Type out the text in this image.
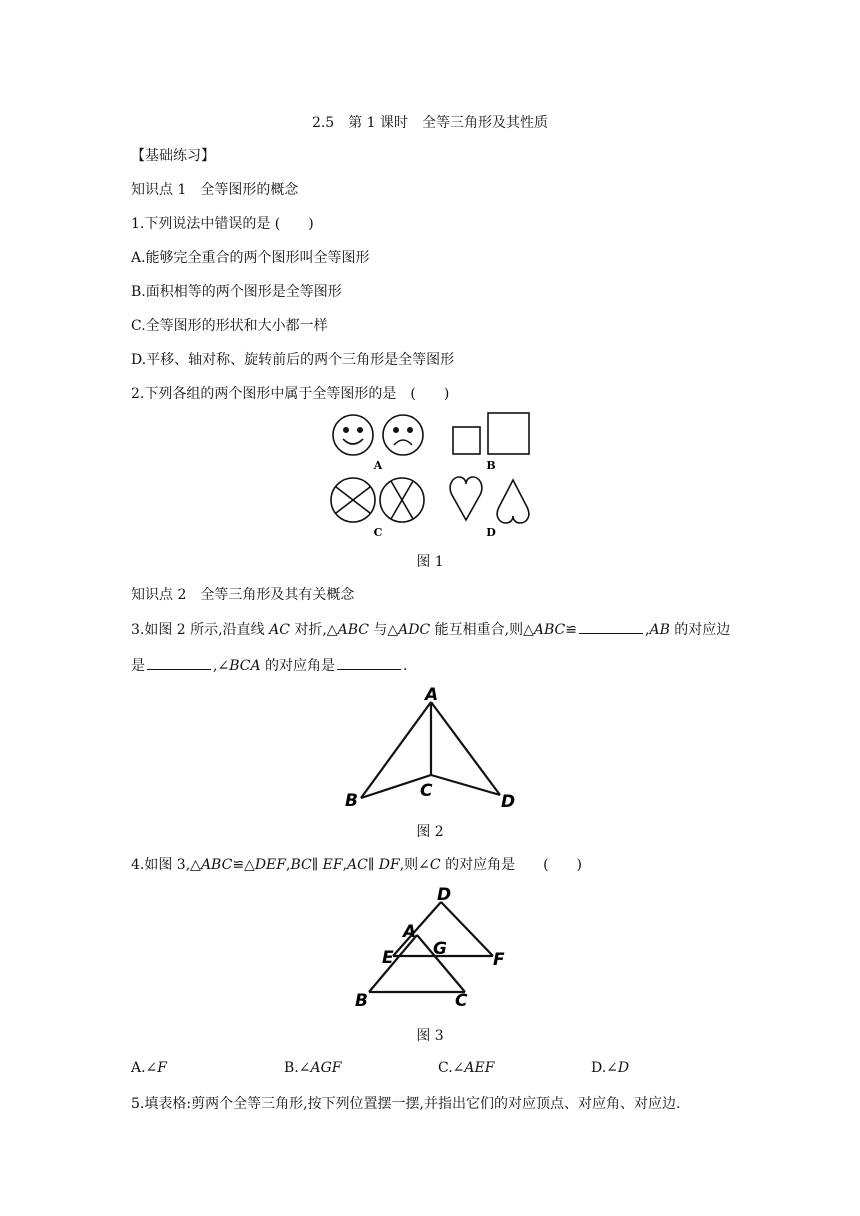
2.5　第 1 课时　全等三角形及其性质
【基础练习】
知识点 1　全等图形的概念
1.下列说法中错误的是 (　　)
A.能够完全重合的两个图形叫全等图形
B.面积相等的两个图形是全等图形
C.全等图形的形状和大小都一样
D.平移、轴对称、旋转前后的两个三角形是全等图形
2.下列各组的两个图形中属于全等图形的是　(　　)
A	B
C	D
图 1
知识点 2　全等三角形及其有关概念
3.如图 2 所示,沿直线 AC 对折,△ABC 与△ADC 能互相重合,则△ABC≌	,AB 的对应边
是	,∠BCA 的对应角是	.
A
B	C
D
图 2
4.如图 3,△ABC≌△DEF,BC∥ EF,AC∥ DF,则∠C 的对应角是　　(　　)
D
A
E G
F
B	C
图 3
A.∠F	B.∠AGF	C.∠AEF	D.∠D
5.填表格:剪两个全等三角形,按下列位置摆一摆,并指出它们的对应顶点、对应角、对应边.
